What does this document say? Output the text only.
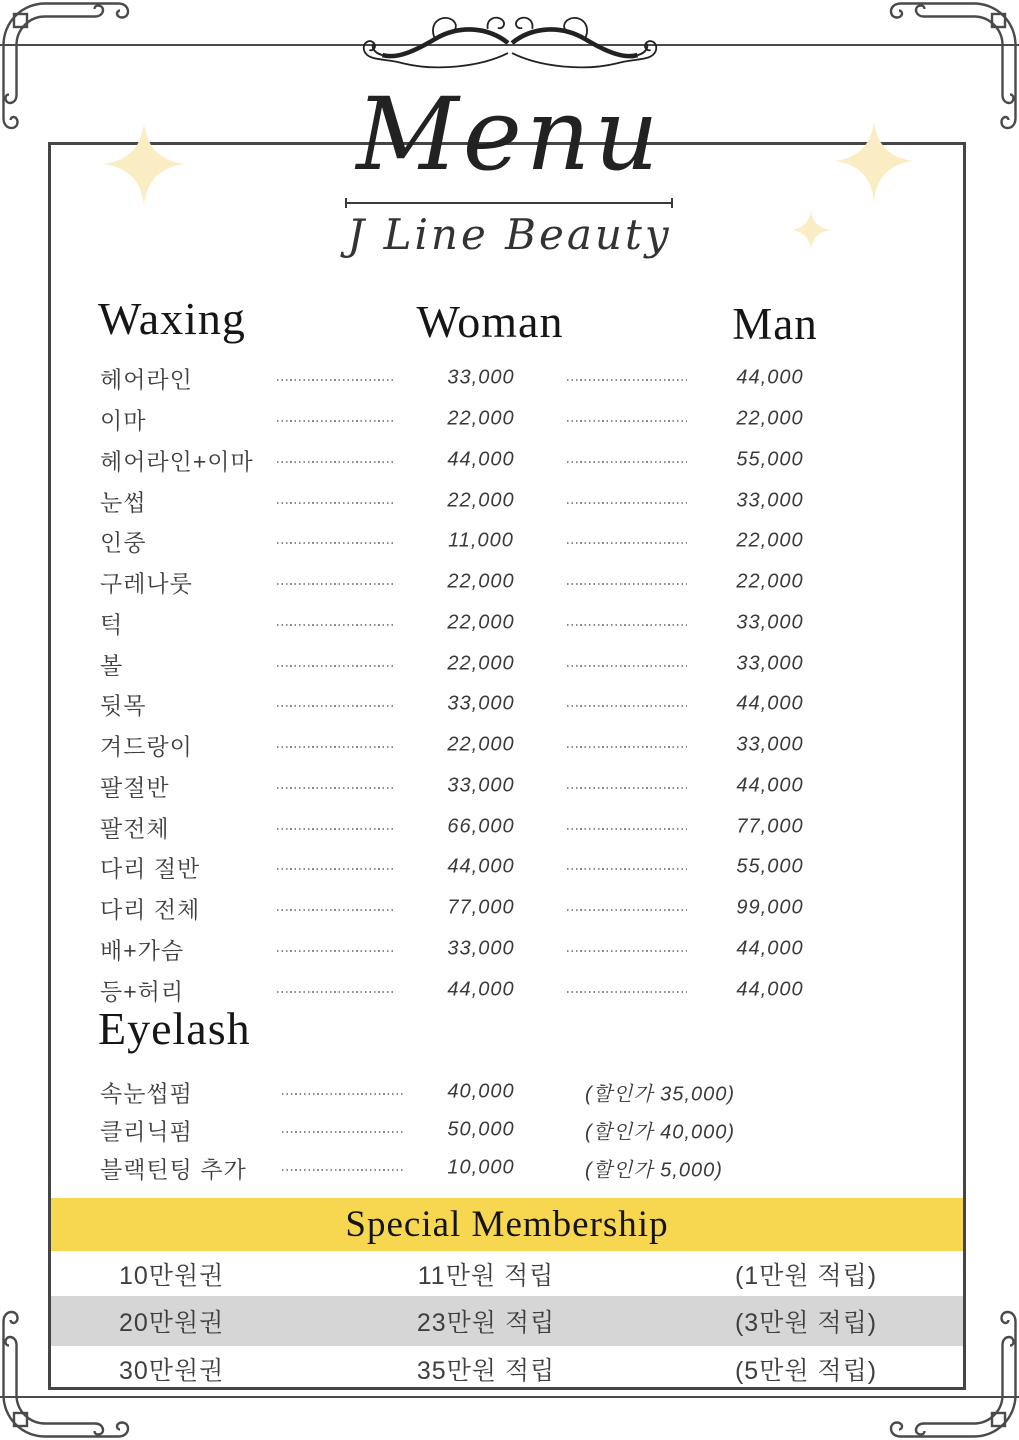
Menu
J Line Beauty
Waxing	Woman	Man
헤어라인	33,000	44,000
이마	22,000	22,000
헤어라인+이마	44,000	55,000
눈썹	22,000	33,000
인중	11,000	22,000
구레나룻	22,000	22,000
턱	22,000	33,000
볼	22,000	33,000
뒷목	33,000	44,000
겨드랑이	22,000	33,000
팔절반	33,000	44,000
팔전체	66,000	77,000
다리 절반	44,000	55,000
다리 전체	77,000	99,000
배+가슴	33,000	44,000
등+허리	44,000	44,000
Eyelash
속눈썹펌	40,000	(할인가 35,000)
클리닉펌	50,000	(할인가 40,000)
블랙틴팅 추가	10,000	(할인가 5,000)
Special Membership
10만원권	11만원 적립	(1만원 적립)
20만원권	23만원 적립	(3만원 적립)
30만원권	35만원 적립	(5만원 적립)
